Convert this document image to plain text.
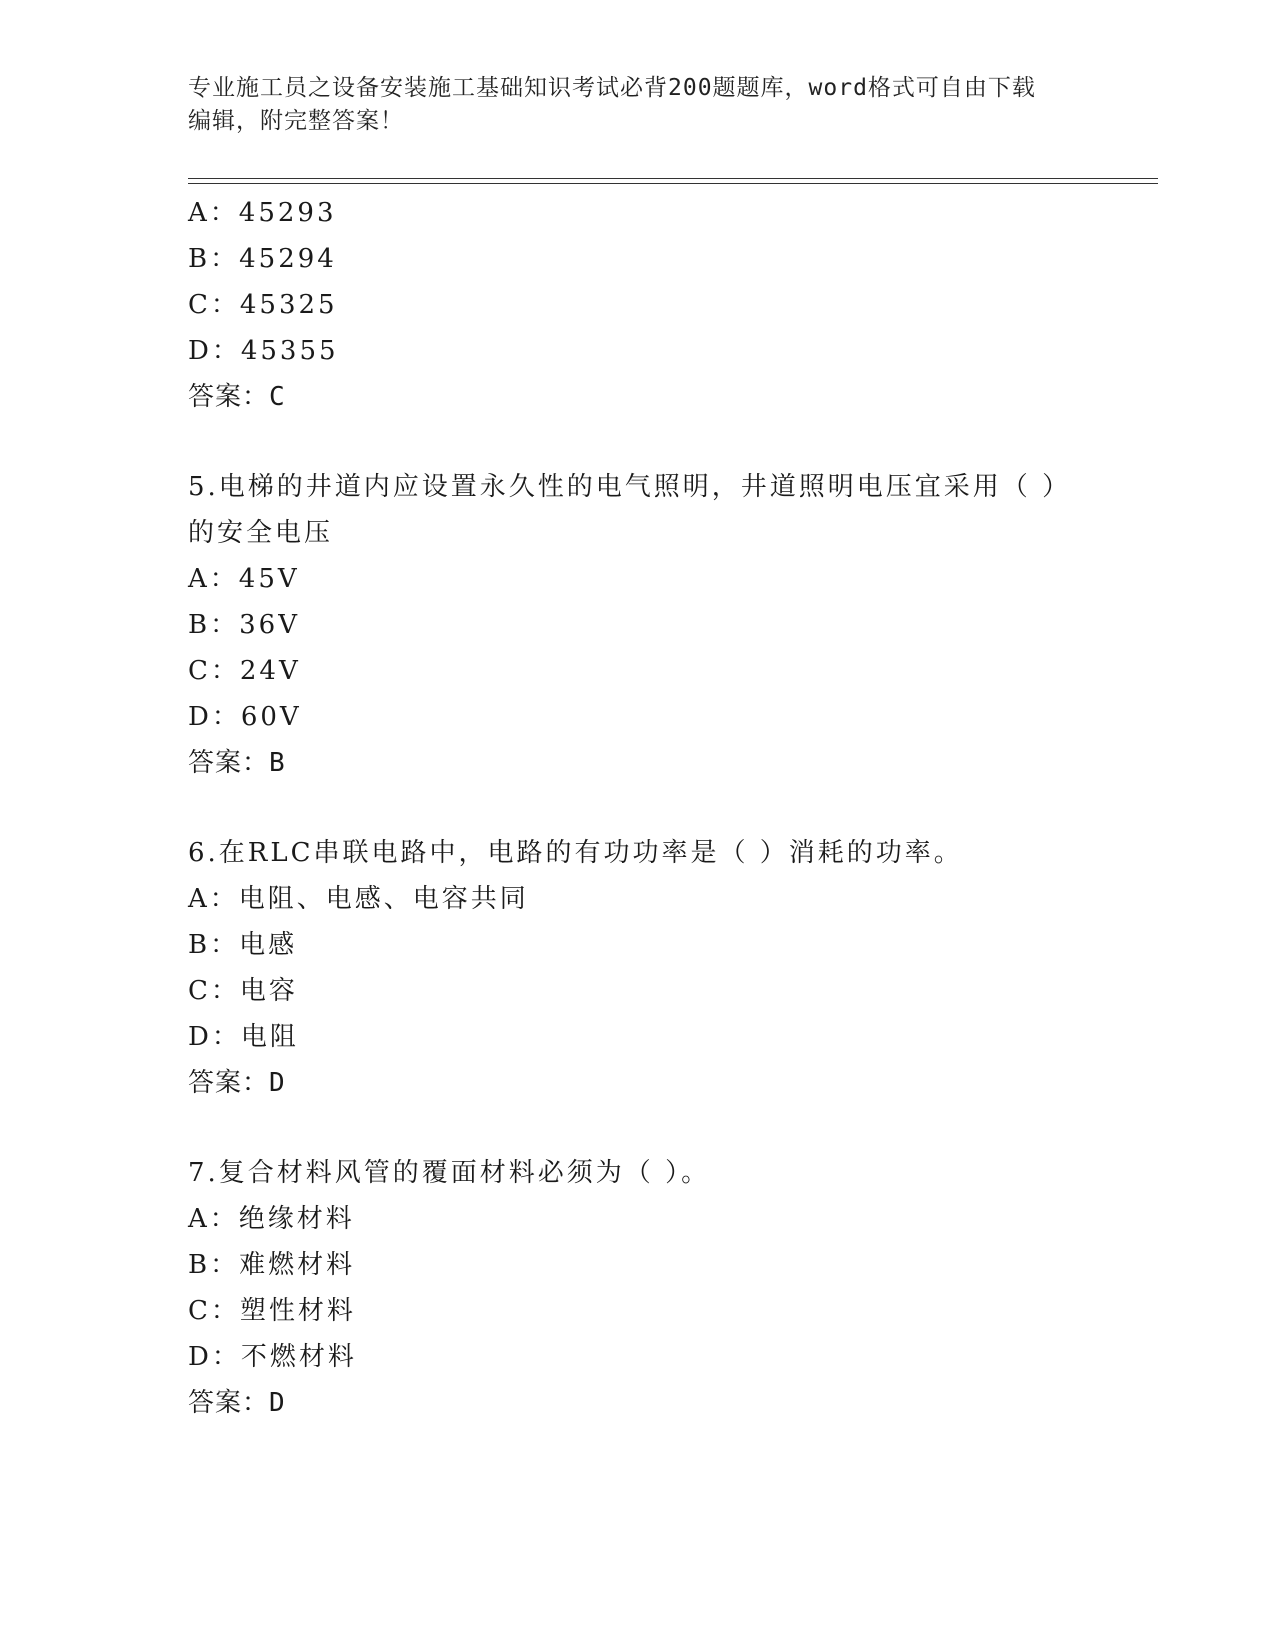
专业施工员之设备安装施工基础知识考试必背200题题库，word格式可自由下载
编辑，附完整答案！
A：45293
B：45294
C：45325
D：45355
答案：C
5.电梯的井道内应设置永久性的电气照明，井道照明电压宜采用（ ）
的安全电压
A：45V
B：36V
C：24V
D：60V
答案：B
6.在RLC串联电路中，电路的有功功率是（ ）消耗的功率。
A：电阻、电感、电容共同
B：电感
C：电容
D：电阻
答案：D
7.复合材料风管的覆面材料必须为（ ）。
A：绝缘材料
B：难燃材料
C：塑性材料
D：不燃材料
答案：D
